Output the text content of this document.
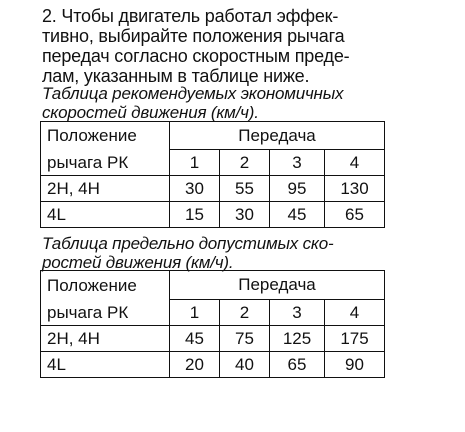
2. Чтобы двигатель работал эффек-
тивно, выбирайте положения рычага
передач согласно скоростным преде-
лам, указанным в таблице ниже.
Таблица рекомендуемых экономичных
скоростей движения (км/ч).
Положение	Передача			
рычага РК	1	2	3	4
2H, 4H	30	55	95	130
4L	15	30	45	65
Таблица предельно допустимых ско-
ростей движения (км/ч).
Положение	Передача			
рычага РК	1	2	3	4
2H, 4H	45	75	125	175
4L	20	40	65	90
